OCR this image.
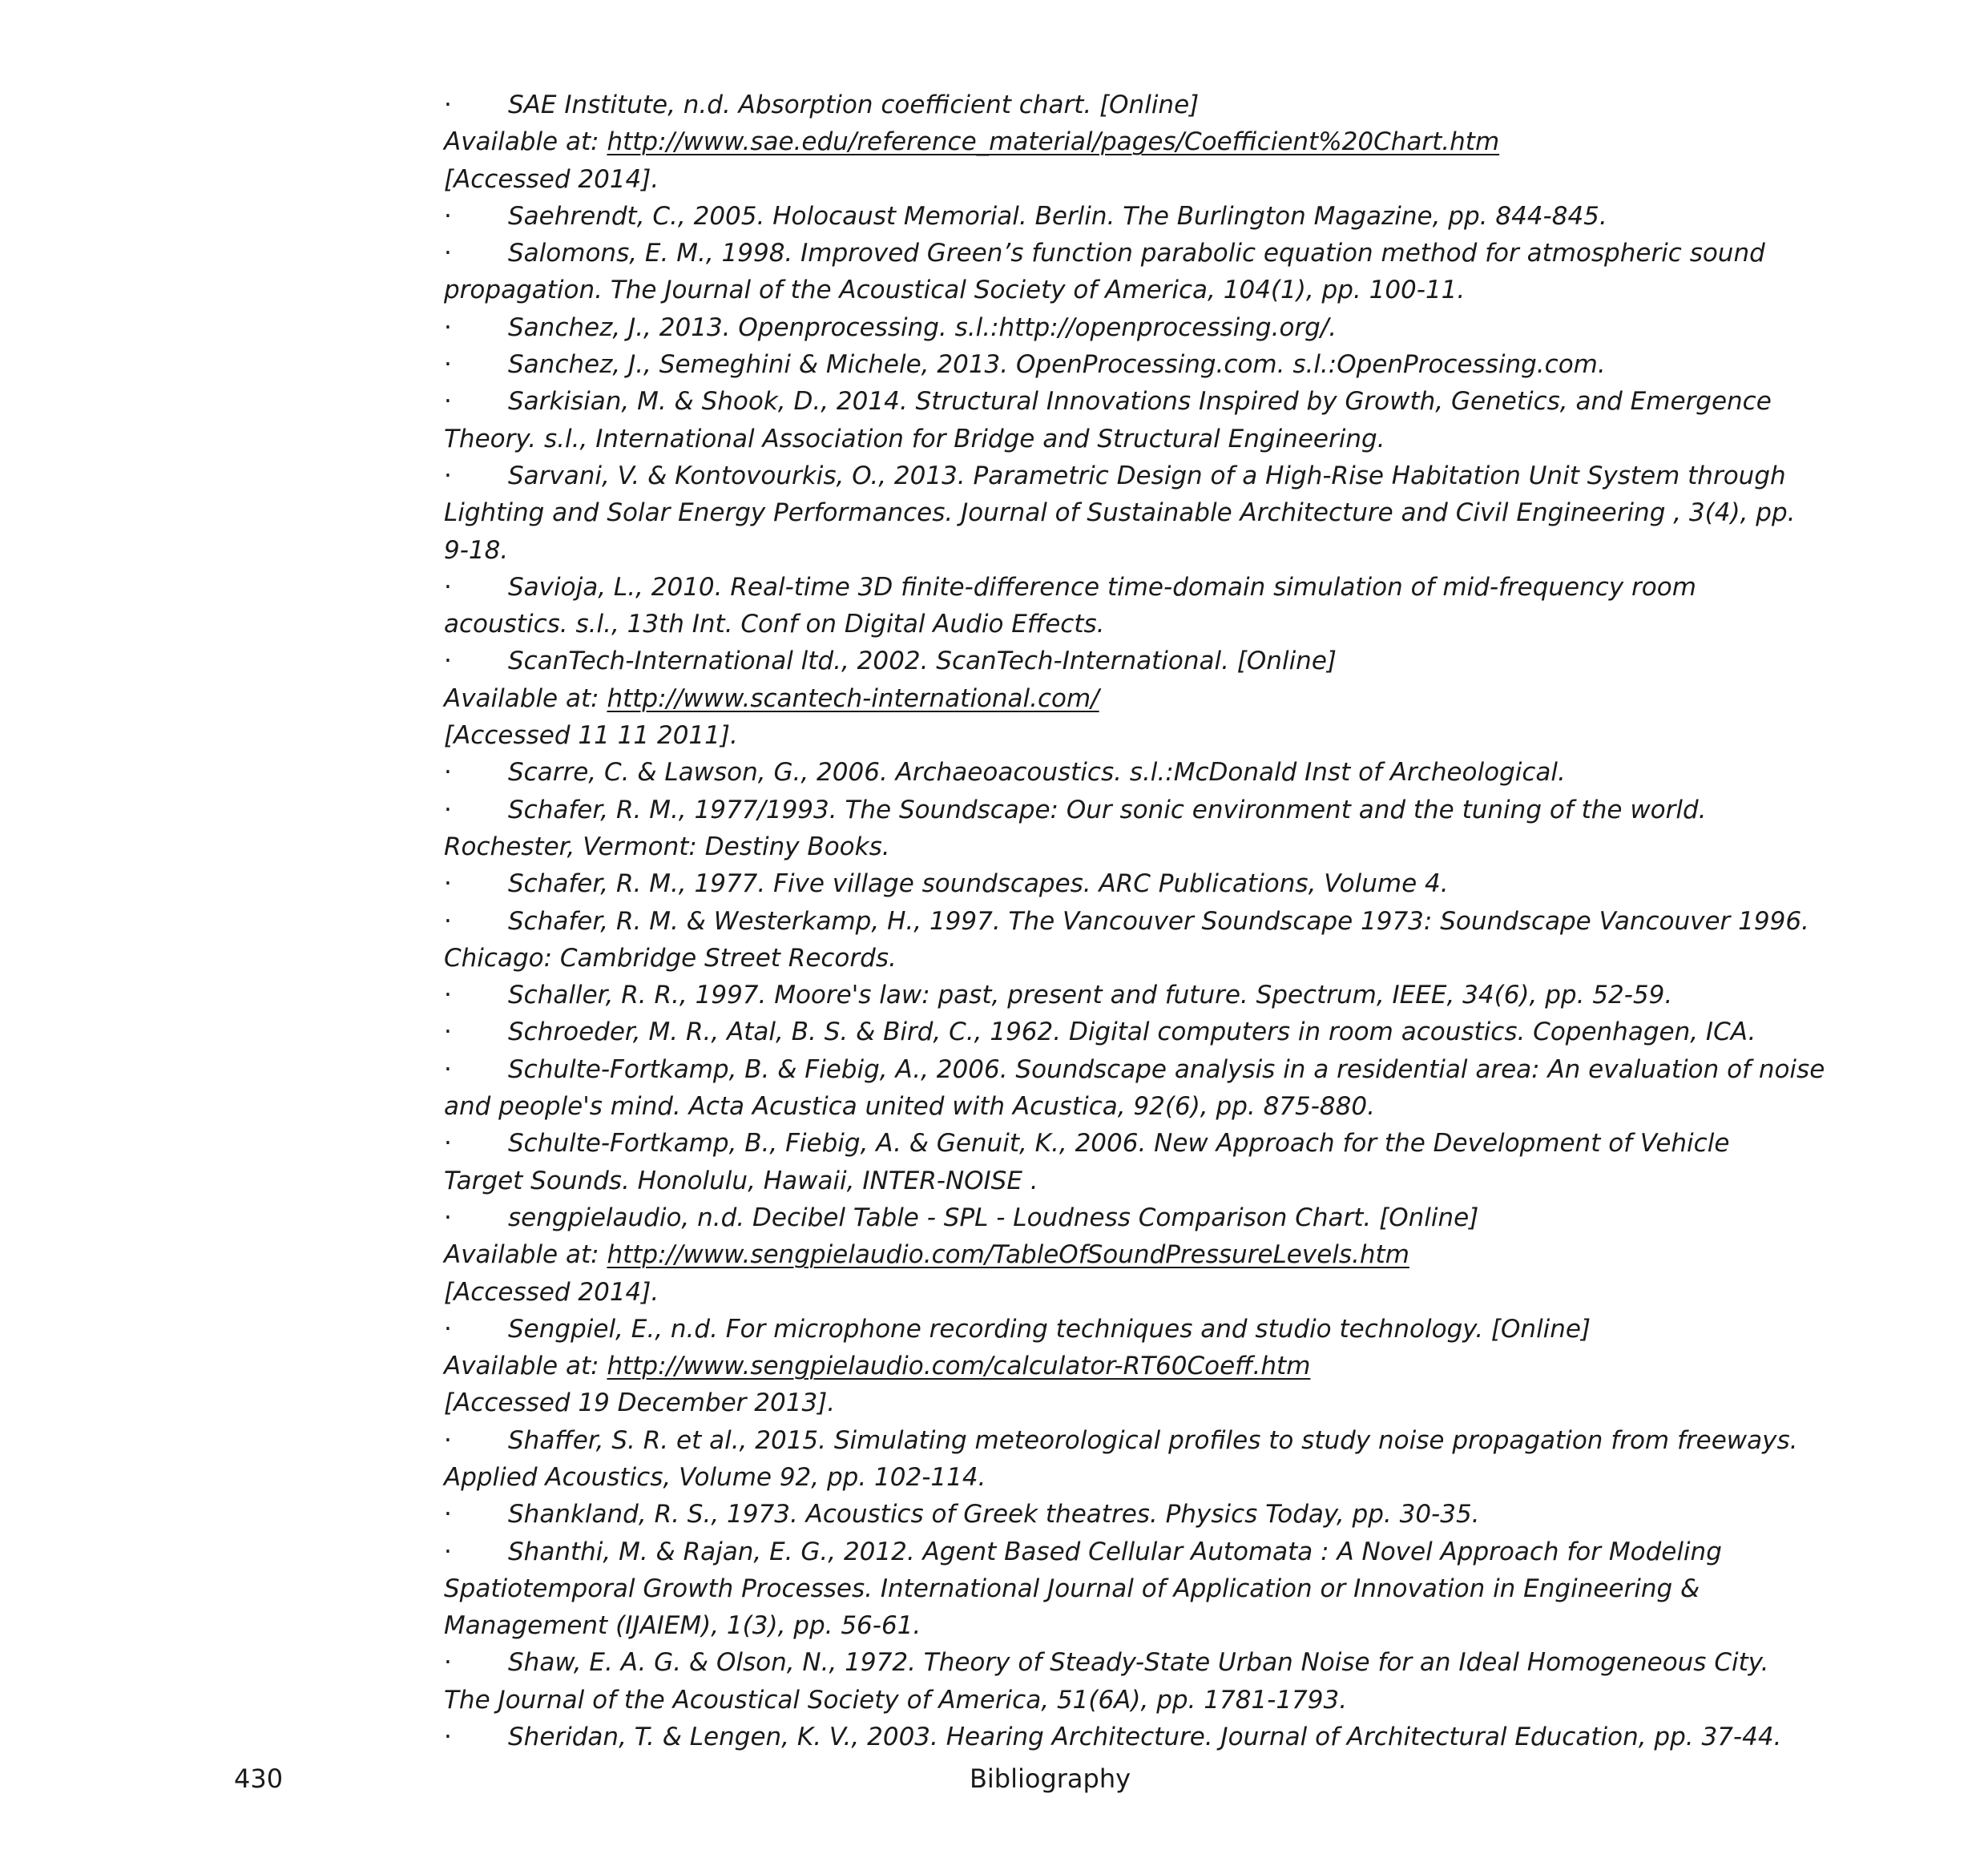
· SAE Institute, n.d. Absorption coefficient chart. [Online]
Available at: http://www.sae.edu/reference_material/pages/Coefficient%20Chart.htm
[Accessed 2014].
· Saehrendt, C., 2005. Holocaust Memorial. Berlin. The Burlington Magazine, pp. 844-845.
· Salomons, E. M., 1998. Improved Green’s function parabolic equation method for atmospheric sound
propagation. The Journal of the Acoustical Society of America, 104(1), pp. 100-11.
· Sanchez, J., 2013. Openprocessing. s.l.:http://openprocessing.org/.
· Sanchez, J., Semeghini & Michele, 2013. OpenProcessing.com. s.l.:OpenProcessing.com.
· Sarkisian, M. & Shook, D., 2014. Structural Innovations Inspired by Growth, Genetics, and Emergence
Theory. s.l., International Association for Bridge and Structural Engineering.
· Sarvani, V. & Kontovourkis, O., 2013. Parametric Design of a High-Rise Habitation Unit System through
Lighting and Solar Energy Performances. Journal of Sustainable Architecture and Civil Engineering , 3(4), pp.
9-18.
· Savioja, L., 2010. Real-time 3D finite-difference time-domain simulation of mid-frequency room
acoustics. s.l., 13th Int. Conf on Digital Audio Effects.
· ScanTech-International ltd., 2002. ScanTech-International. [Online]
Available at: http://www.scantech-international.com/
[Accessed 11 11 2011].
· Scarre, C. & Lawson, G., 2006. Archaeoacoustics. s.l.:McDonald Inst of Archeological.
· Schafer, R. M., 1977/1993. The Soundscape: Our sonic environment and the tuning of the world.
Rochester, Vermont: Destiny Books.
· Schafer, R. M., 1977. Five village soundscapes. ARC Publications, Volume 4.
· Schafer, R. M. & Westerkamp, H., 1997. The Vancouver Soundscape 1973: Soundscape Vancouver 1996.
Chicago: Cambridge Street Records.
· Schaller, R. R., 1997. Moore's law: past, present and future. Spectrum, IEEE, 34(6), pp. 52-59.
· Schroeder, M. R., Atal, B. S. & Bird, C., 1962. Digital computers in room acoustics. Copenhagen, ICA.
· Schulte-Fortkamp, B. & Fiebig, A., 2006. Soundscape analysis in a residential area: An evaluation of noise
and people's mind. Acta Acustica united with Acustica, 92(6), pp. 875-880.
· Schulte-Fortkamp, B., Fiebig, A. & Genuit, K., 2006. New Approach for the Development of Vehicle
Target Sounds. Honolulu, Hawaii, INTER-NOISE .
· sengpielaudio, n.d. Decibel Table - SPL - Loudness Comparison Chart. [Online]
Available at: http://www.sengpielaudio.com/TableOfSoundPressureLevels.htm
[Accessed 2014].
· Sengpiel, E., n.d. For microphone recording techniques and studio technology. [Online]
Available at: http://www.sengpielaudio.com/calculator-RT60Coeff.htm
[Accessed 19 December 2013].
· Shaffer, S. R. et al., 2015. Simulating meteorological profiles to study noise propagation from freeways.
Applied Acoustics, Volume 92, pp. 102-114.
· Shankland, R. S., 1973. Acoustics of Greek theatres. Physics Today, pp. 30-35.
· Shanthi, M. & Rajan, E. G., 2012. Agent Based Cellular Automata : A Novel Approach for Modeling
Spatiotemporal Growth Processes. International Journal of Application or Innovation in Engineering &
Management (IJAIEM), 1(3), pp. 56-61.
· Shaw, E. A. G. & Olson, N., 1972. Theory of Steady-State Urban Noise for an Ideal Homogeneous City.
The Journal of the Acoustical Society of America, 51(6A), pp. 1781-1793.
· Sheridan, T. & Lengen, K. V., 2003. Hearing Architecture. Journal of Architectural Education, pp. 37-44.
430	Bibliography
